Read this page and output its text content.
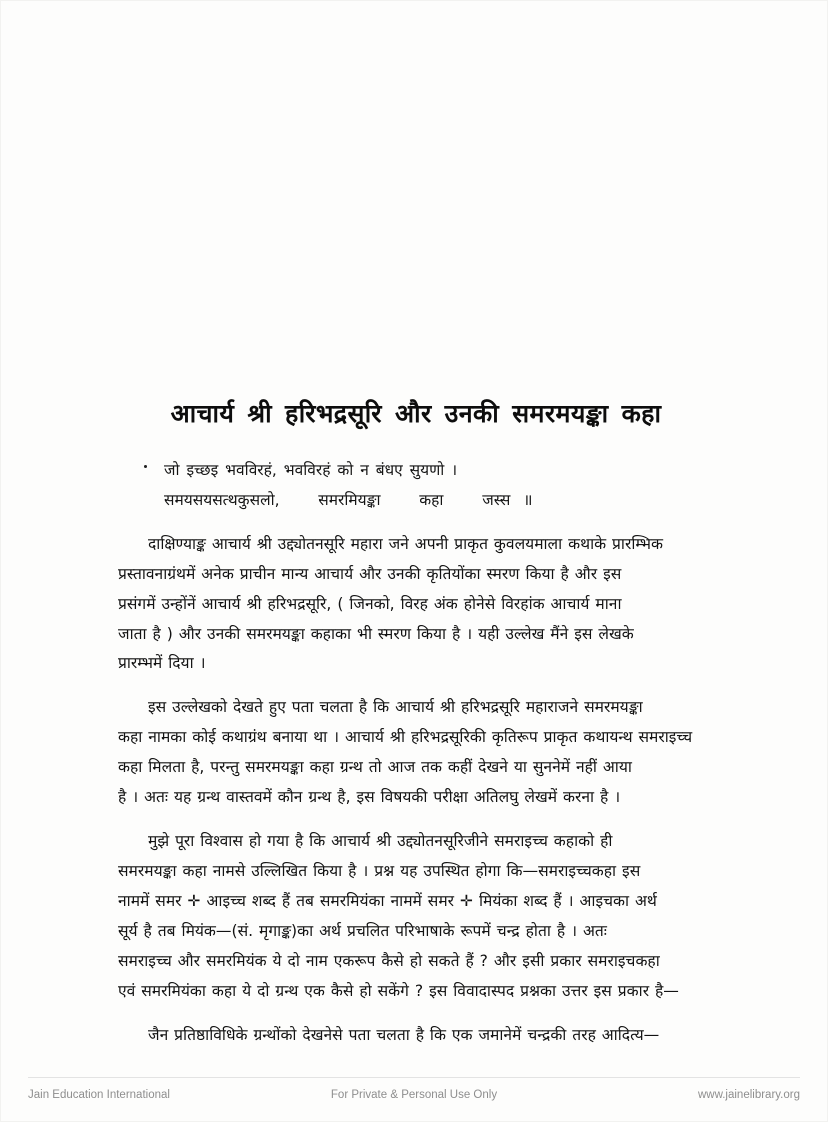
आचार्य श्री हरिभद्रसूरि और उनकी समरमयङ्का कहा
जो इच्छइ भवविरहं, भवविरहं को न बंधए सुयणो ।
समयसयसत्थकुसलो,   समरमियङ्का   कहा   जस्स ॥

दाक्षिण्याङ्क आचार्य श्री उद्द्योतनसूरि महारा जने अपनी प्राकृत कुवलयमाला कथाके प्रारम्भिक
प्रस्तावनाग्रंथमें अनेक प्राचीन मान्य आचार्य और उनकी कृतियोंका स्मरण किया है और इस
प्रसंगमें उन्होंनें आचार्य श्री हरिभद्रसूरि, ( जिनको, विरह अंक होनेसे विरहांक आचार्य माना
जाता है ) और उनकी समरमयङ्का कहाका भी स्मरण किया है । यही उल्लेख मैंने इस लेखके
प्रारम्भमें दिया ।

इस उल्लेखको देखते हुए पता चलता है कि आचार्य श्री हरिभद्रसूरि महाराजने समरमयङ्का
कहा नामका कोई कथाग्रंथ बनाया था । आचार्य श्री हरिभद्रसूरिकी कृतिरूप प्राकृत कथायन्थ समराइच्च
कहा मिलता है, परन्तु समरमयङ्का कहा ग्रन्थ तो आज तक कहीं देखने या सुननेमें नहीं आया
है । अतः यह ग्रन्थ वास्तवमें कौन ग्रन्थ है, इस विषयकी परीक्षा अतिलघु लेखमें करना है ।

मुझे पूरा विश्वास हो गया है कि आचार्य श्री उद्द्योतनसूरिजीने समराइच्च कहाको ही
समरमयङ्का कहा नामसे उल्लिखित किया है । प्रश्न यह उपस्थित होगा कि—समराइच्चकहा इस
नाममें समर ✛ आइच्च शब्द हैं तब समरमियंका नाममें समर ✛ मियंका शब्द हैं । आइचका अर्थ
सूर्य है तब मियंक—(सं. मृगाङ्क)का अर्थ प्रचलित परिभाषाके रूपमें चन्द्र होता है । अतः
समराइच्च और समरमियंक ये दो नाम एकरूप कैसे हो सकते हैं ? और इसी प्रकार समराइचकहा
एवं समरमियंका कहा ये दो ग्रन्थ एक कैसे हो सकेंगे ? इस विवादास्पद प्रश्नका उत्तर इस प्रकार है—

जैन प्रतिष्ठाविधिके ग्रन्थोंको देखनेसे पता चलता है कि एक जमानेमें चन्द्रकी तरह आदित्य—

Jain Education International	For Private & Personal Use Only	www.jainelibrary.org
